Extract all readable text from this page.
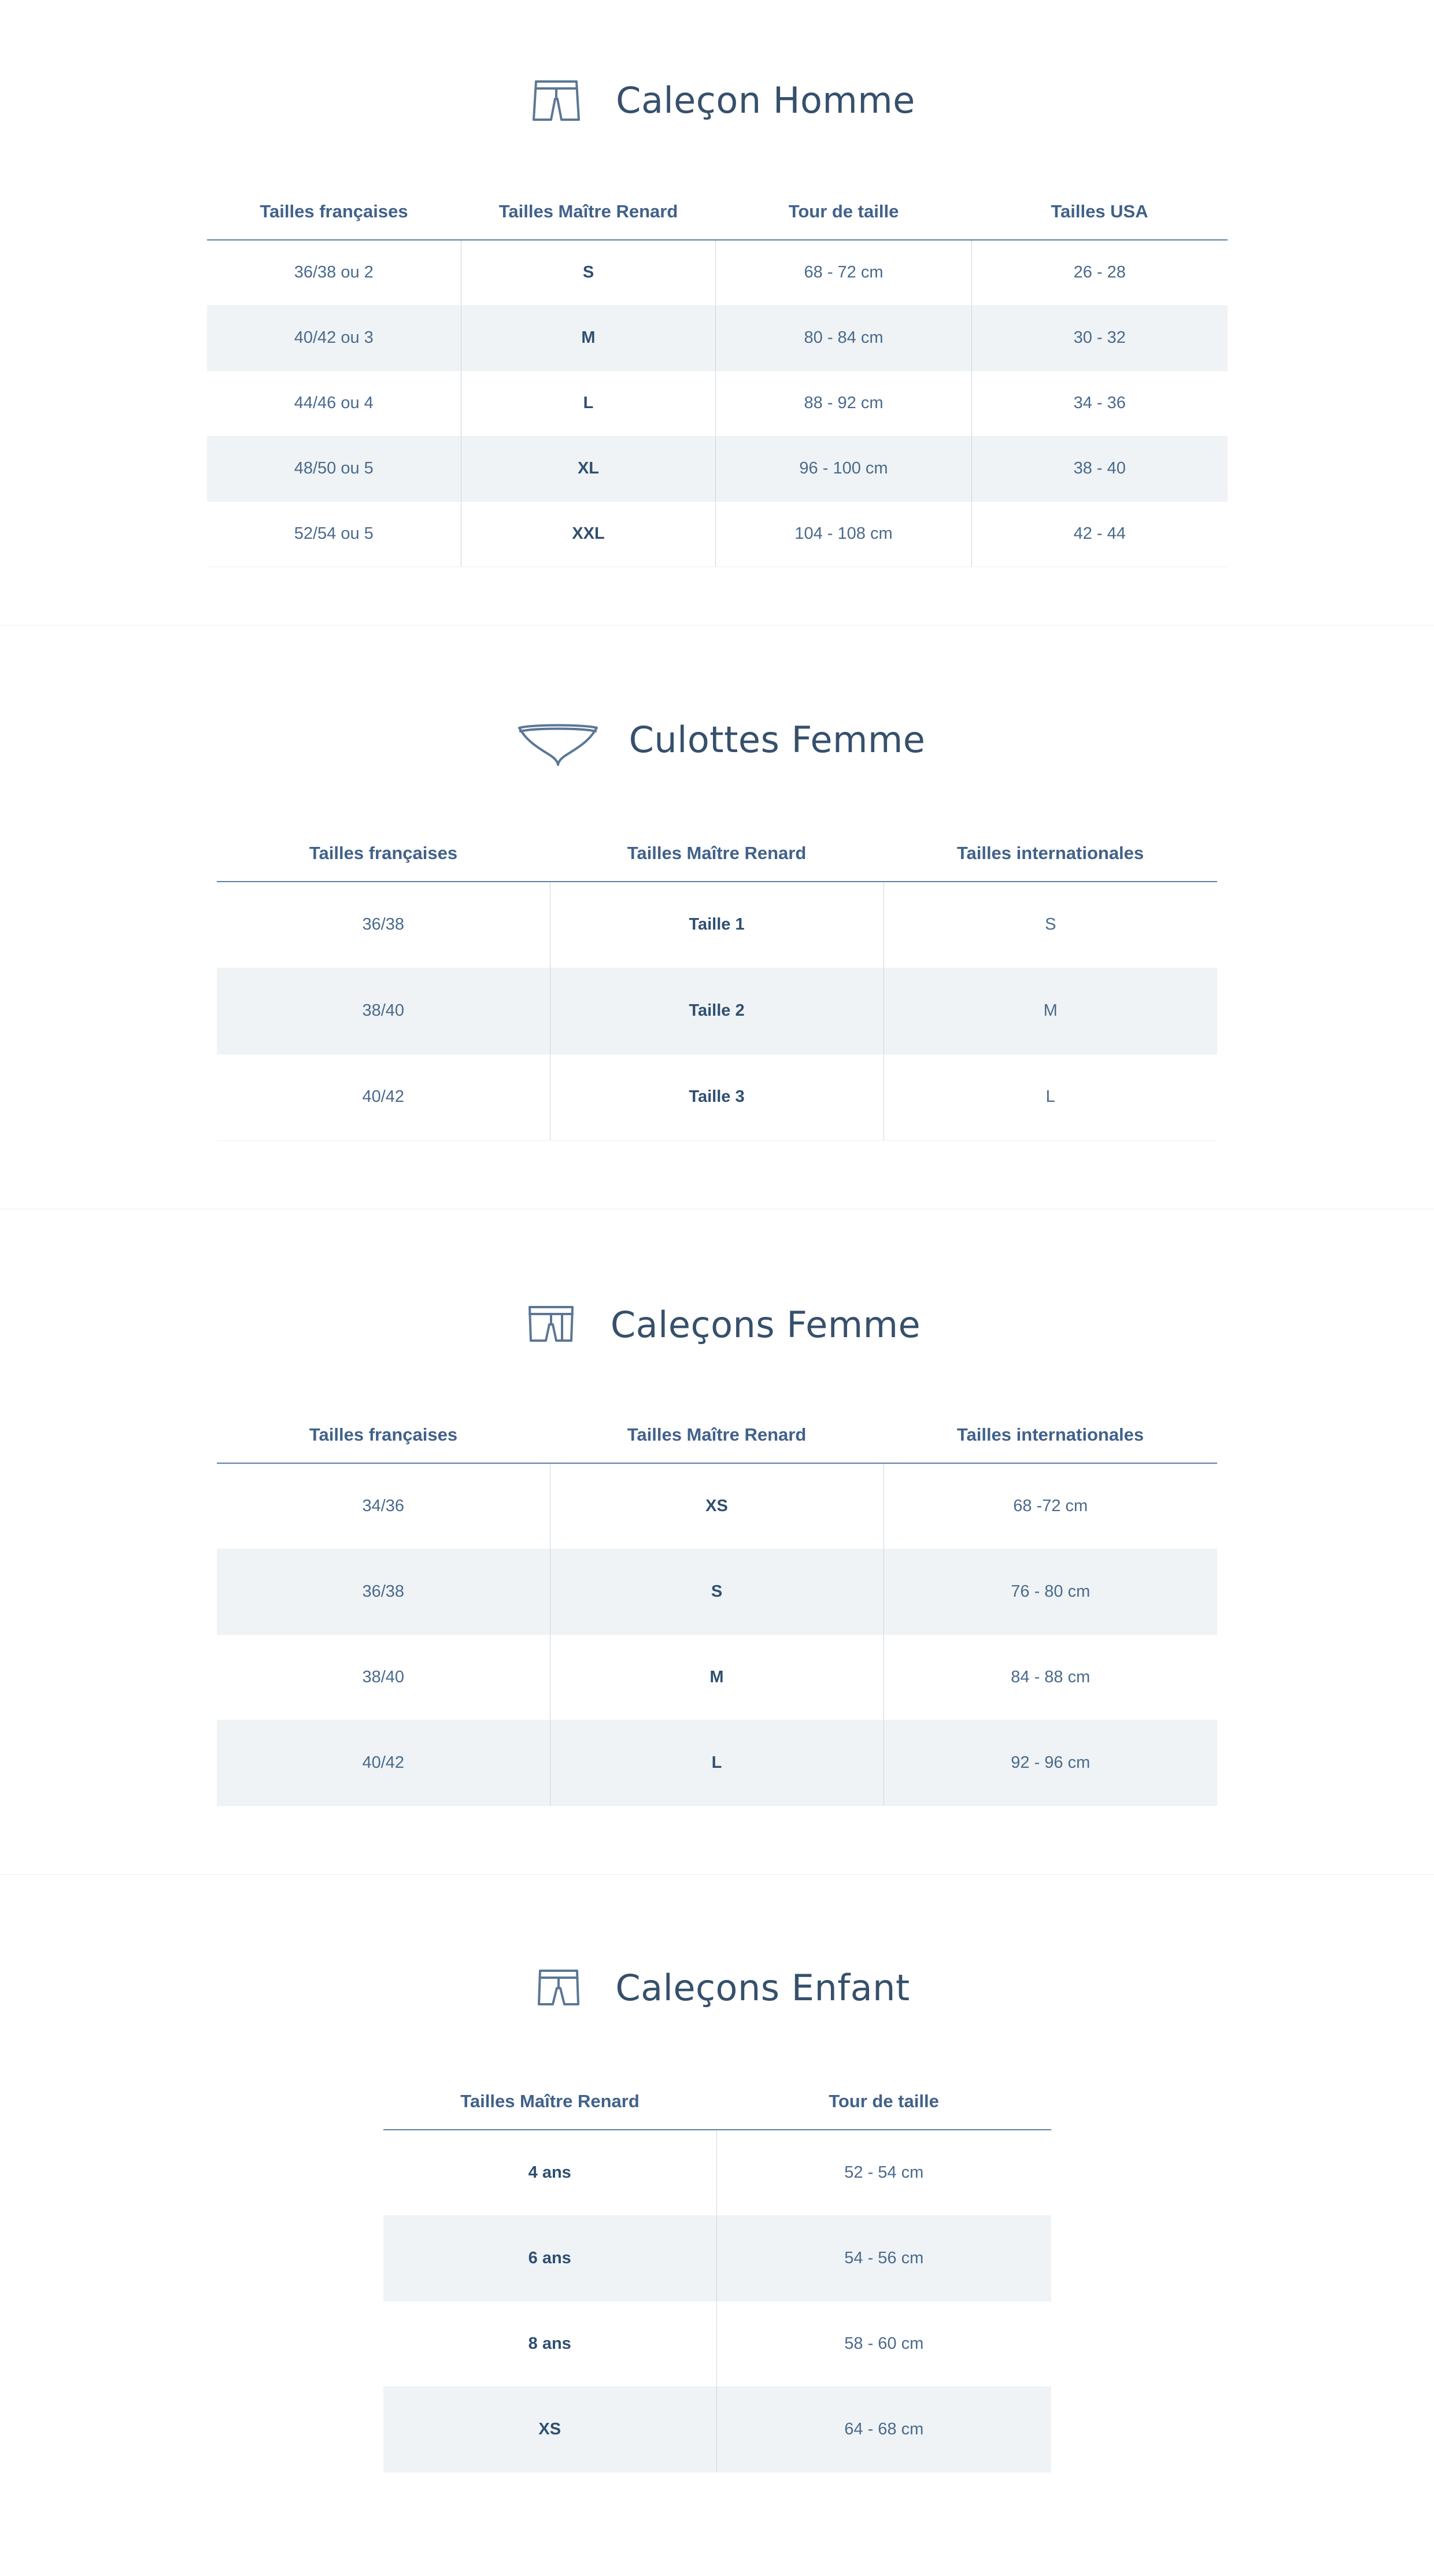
Caleçon Homme
Tailles françaises	Tailles Maître Renard	Tour de taille	Tailles USA
36/38 ou 2	S	68 - 72 cm	26 - 28
40/42 ou 3	M	80 - 84 cm	30 - 32
44/46 ou 4	L	88 - 92 cm	34 - 36
48/50 ou 5	XL	96 - 100 cm	38 - 40
52/54 ou 5	XXL	104 - 108 cm	42 - 44
Culottes Femme
Tailles françaises	Tailles Maître Renard	Tailles internationales
36/38	Taille 1	S
38/40	Taille 2	M
40/42	Taille 3	L
Caleçons Femme
Tailles françaises	Tailles Maître Renard	Tailles internationales
34/36	XS	68 -72 cm
36/38	S	76 - 80 cm
38/40	M	84 - 88 cm
40/42	L	92 - 96 cm
Caleçons Enfant
Tailles Maître Renard	Tour de taille
4 ans	52 - 54 cm
6 ans	54 - 56 cm
8 ans	58 - 60 cm
XS	64 - 68 cm
